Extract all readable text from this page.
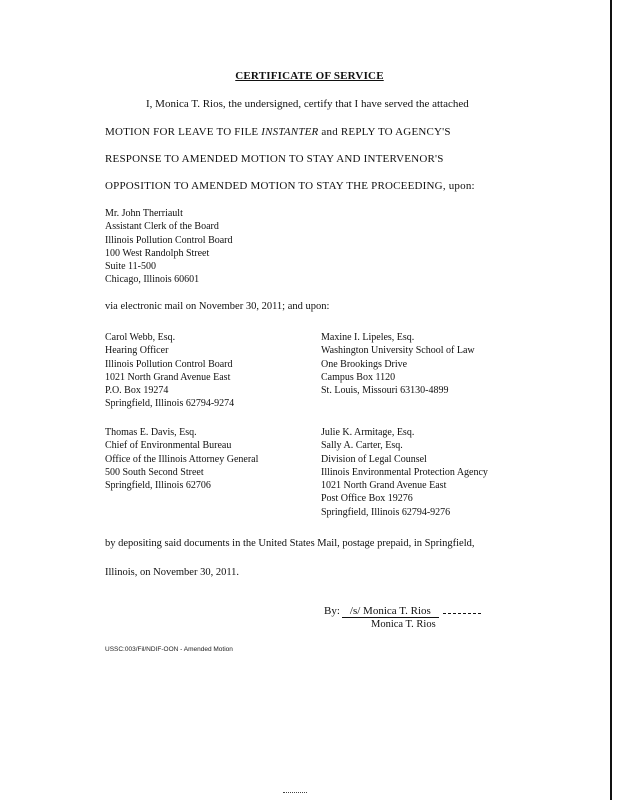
CERTIFICATE OF SERVICE
I, Monica T. Rios, the undersigned, certify that I have served the attached
MOTION FOR LEAVE TO FILE INSTANTER and REPLY TO AGENCY'S
RESPONSE TO AMENDED MOTION TO STAY AND INTERVENOR'S
OPPOSITION TO AMENDED MOTION TO STAY THE PROCEEDING, upon:
Mr. John Therriault
Assistant Clerk of the Board
Illinois Pollution Control Board
100 West Randolph Street
Suite 11-500
Chicago, Illinois 60601
via electronic mail on November 30, 2011; and upon:
Carol Webb, Esq.
Hearing Officer
Illinois Pollution Control Board
1021 North Grand Avenue East
P.O. Box 19274
Springfield, Illinois 62794-9274
Maxine I. Lipeles, Esq.
Washington University School of Law
One Brookings Drive
Campus Box 1120
St. Louis, Missouri 63130-4899
Thomas E. Davis, Esq.
Chief of Environmental Bureau
Office of the Illinois Attorney General
500 South Second Street
Springfield, Illinois 62706
Julie K. Armitage, Esq.
Sally A. Carter, Esq.
Division of Legal Counsel
Illinois Environmental Protection Agency
1021 North Grand Avenue East
Post Office Box 19276
Springfield, Illinois 62794-9276
by depositing said documents in the United States Mail, postage prepaid, in Springfield,
Illinois, on November 30, 2011.
By: /s/ Monica T. Rios
Monica T. Rios
USSC:003/Fil/NDIF-OON - Amended Motion
